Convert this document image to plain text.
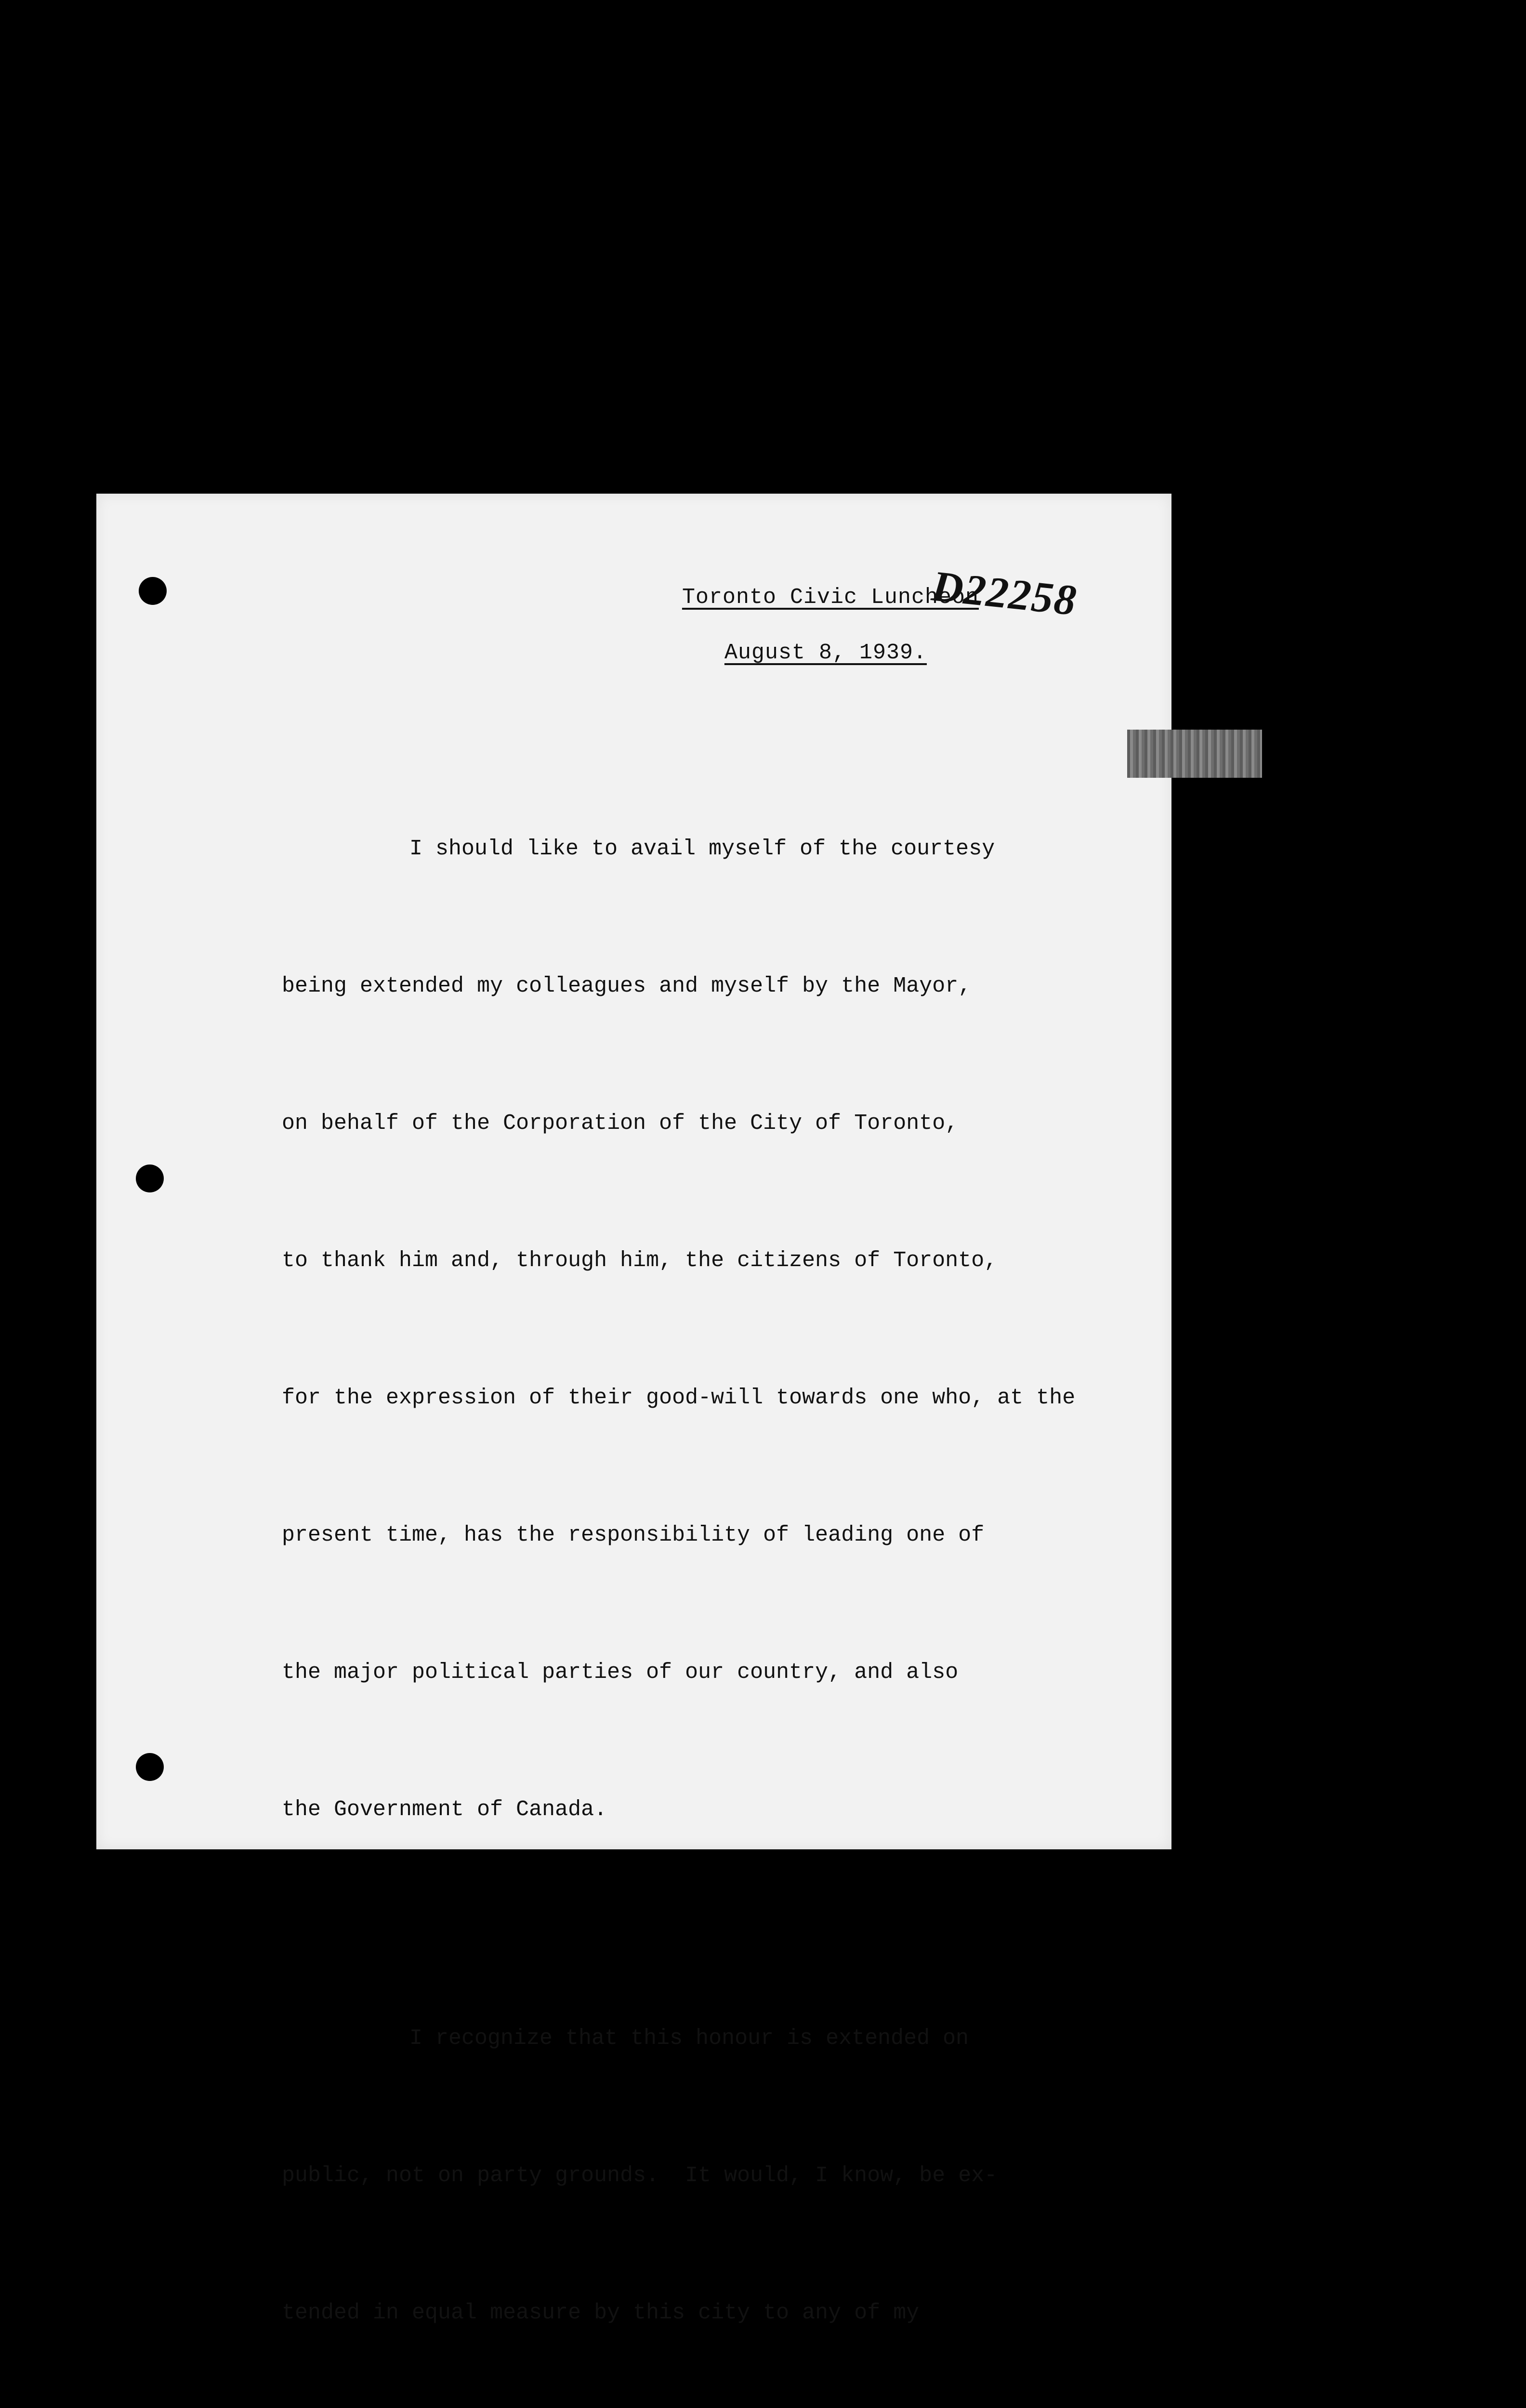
D22258
Toronto Civic Luncheon
August 8, 1939.

I should like to avail myself of the courtesy

being extended my colleagues and myself by the Mayor,

on behalf of the Corporation of the City of Toronto,

to thank him and, through him, the citizens of Toronto,

for the expression of their good-will towards one who, at the

present time, has the responsibility of leading one of

the major political parties of our country, and also

the Government of Canada.

I recognize that this honour is extended on

public, not on party grounds.  It would, I know, be ex-

tended in equal measure by this city to any of my
